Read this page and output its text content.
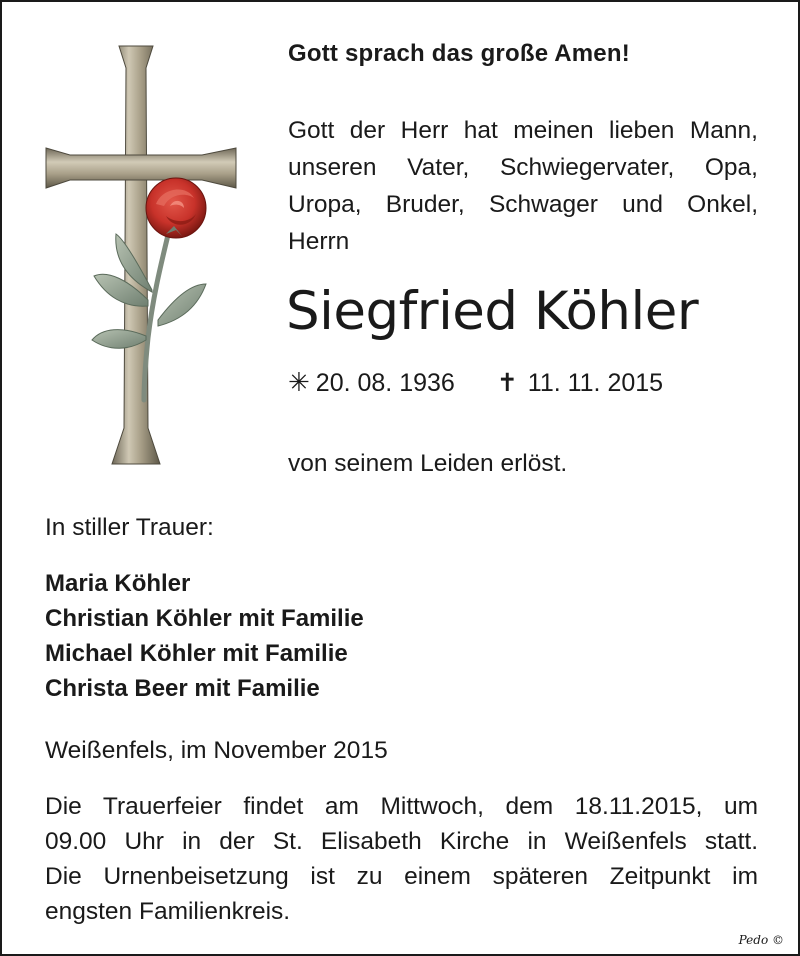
Gott sprach das große Amen!
Gott der Herr hat meinen lieben Mann,
unseren Vater, Schwiegervater, Opa,
Uropa, Bruder, Schwager und Onkel,
Herrn
Siegfried Köhler
✳ 20. 08. 1936 ✝ 11. 11. 2015
von seinem Leiden erlöst.
In stiller Trauer:
Maria Köhler
Christian Köhler mit Familie
Michael Köhler mit Familie
Christa Beer mit Familie
Weißenfels, im November 2015
Die Trauerfeier findet am Mittwoch, dem 18.11.2015, um
09.00 Uhr in der St. Elisabeth Kirche in Weißenfels statt.
Die Urnenbeisetzung ist zu einem späteren Zeitpunkt im
engsten Familienkreis.
Pedo ©
